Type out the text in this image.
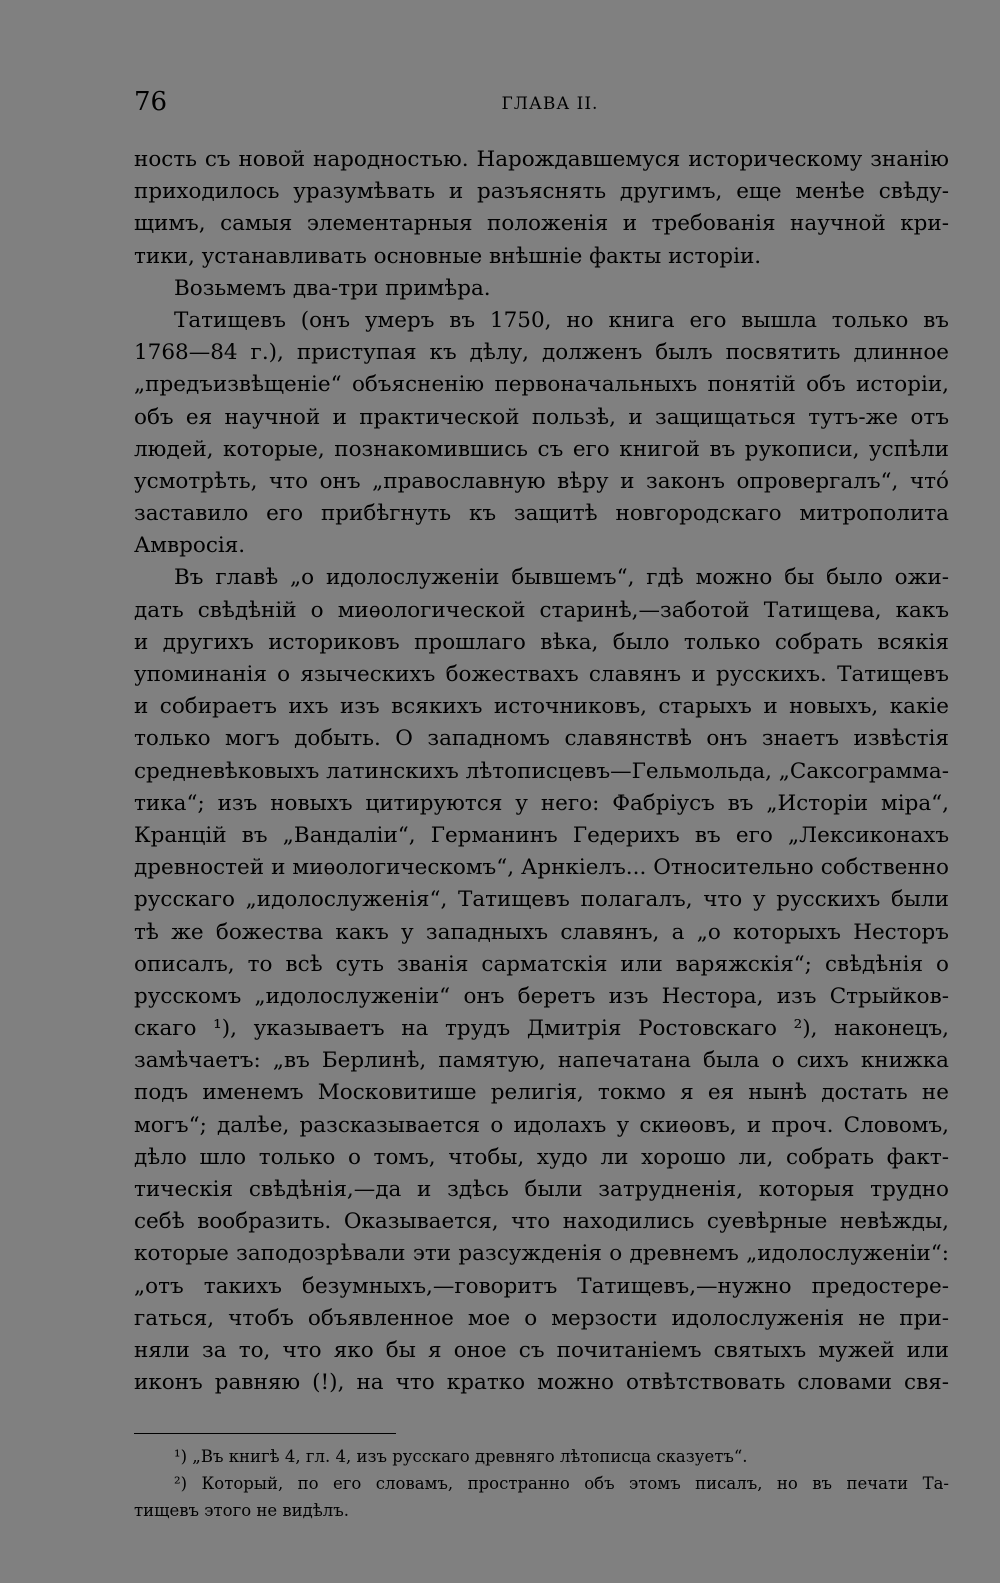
76	ГЛАВА II.
ность съ новой народностью. Нарождавшемуся историческому знанію
приходилось уразумѣвать и разъяснять другимъ, еще менѣе свѣду-
щимъ, самыя элементарныя положенія и требованія научной кри-
тики, устанавливать основные внѣшніе факты исторіи.
Возьмемъ два-три примѣра.
Татищевъ (онъ умеръ въ 1750, но книга его вышла только въ
1768—84 г.), приступая къ дѣлу, долженъ былъ посвятить длинное
„предъизвѣщеніе“ объясненію первоначальныхъ понятій объ исторіи,
объ ея научной и практической пользѣ, и защищаться тутъ-же отъ
людей, которые, познакомившись съ его книгой въ рукописи, успѣли
усмотрѣть, что онъ „православную вѣру и законъ опровергалъ“, что́
заставило его прибѣгнуть къ защитѣ новгородскаго митрополита
Амвросія.
Въ главѣ „о идолослуженіи бывшемъ“, гдѣ можно бы было ожи-
дать свѣдѣній о миѳологической старинѣ,—заботой Татищева, какъ
и другихъ историковъ прошлаго вѣка, было только собрать всякія
упоминанія о языческихъ божествахъ славянъ и русскихъ. Татищевъ
и собираетъ ихъ изъ всякихъ источниковъ, старыхъ и новыхъ, какіе
только могъ добыть. О западномъ славянствѣ онъ знаетъ извѣстія
средневѣковыхъ латинскихъ лѣтописцевъ—Гельмольда, „Саксограмма-
тика“; изъ новыхъ цитируются у него: Фабріусъ въ „Исторіи міра“,
Кранцій въ „Вандаліи“, Германинъ Гедерихъ въ его „Лексиконахъ
древностей и миѳологическомъ“, Арнкіелъ... Относительно собственно
русскаго „идолослуженія“, Татищевъ полагалъ, что у русскихъ были
тѣ же божества какъ у западныхъ славянъ, а „о которыхъ Несторъ
описалъ, то всѣ суть званія сарматскія или варяжскія“; свѣдѣнія о
русскомъ „идолослуженіи“ онъ беретъ изъ Нестора, изъ Стрыйков-
скаго ¹), указываетъ на трудъ Дмитрія Ростовскаго ²), наконецъ,
замѣчаетъ: „въ Берлинѣ, памятую, напечатана была о сихъ книжка
подъ именемъ Московитише религія, токмо я ея нынѣ достать не
могъ“; далѣе, разсказывается о идолахъ у скиѳовъ, и проч. Словомъ,
дѣло шло только о томъ, чтобы, худо ли хорошо ли, собрать факт-
тическія свѣдѣнія,—да и здѣсь были затрудненія, которыя трудно
себѣ вообразить. Оказывается, что находились суевѣрные невѣжды,
которые заподозрѣвали эти разсужденія о древнемъ „идолослуженіи“:
„отъ такихъ безумныхъ,—говоритъ Татищевъ,—нужно предостере-
гаться, чтобъ объявленное мое о мерзости идолослуженія не при-
няли за то, что яко бы я оное съ почитаніемъ святыхъ мужей или
иконъ равняю (!), на что кратко можно отвѣтствовать словами свя-
¹) „Въ книгѣ 4, гл. 4, изъ русскаго древняго лѣтописца сказуетъ“.
²) Который, по его словамъ, пространно объ этомъ писалъ, но въ печати Та-
тищевъ этого не видѣлъ.
